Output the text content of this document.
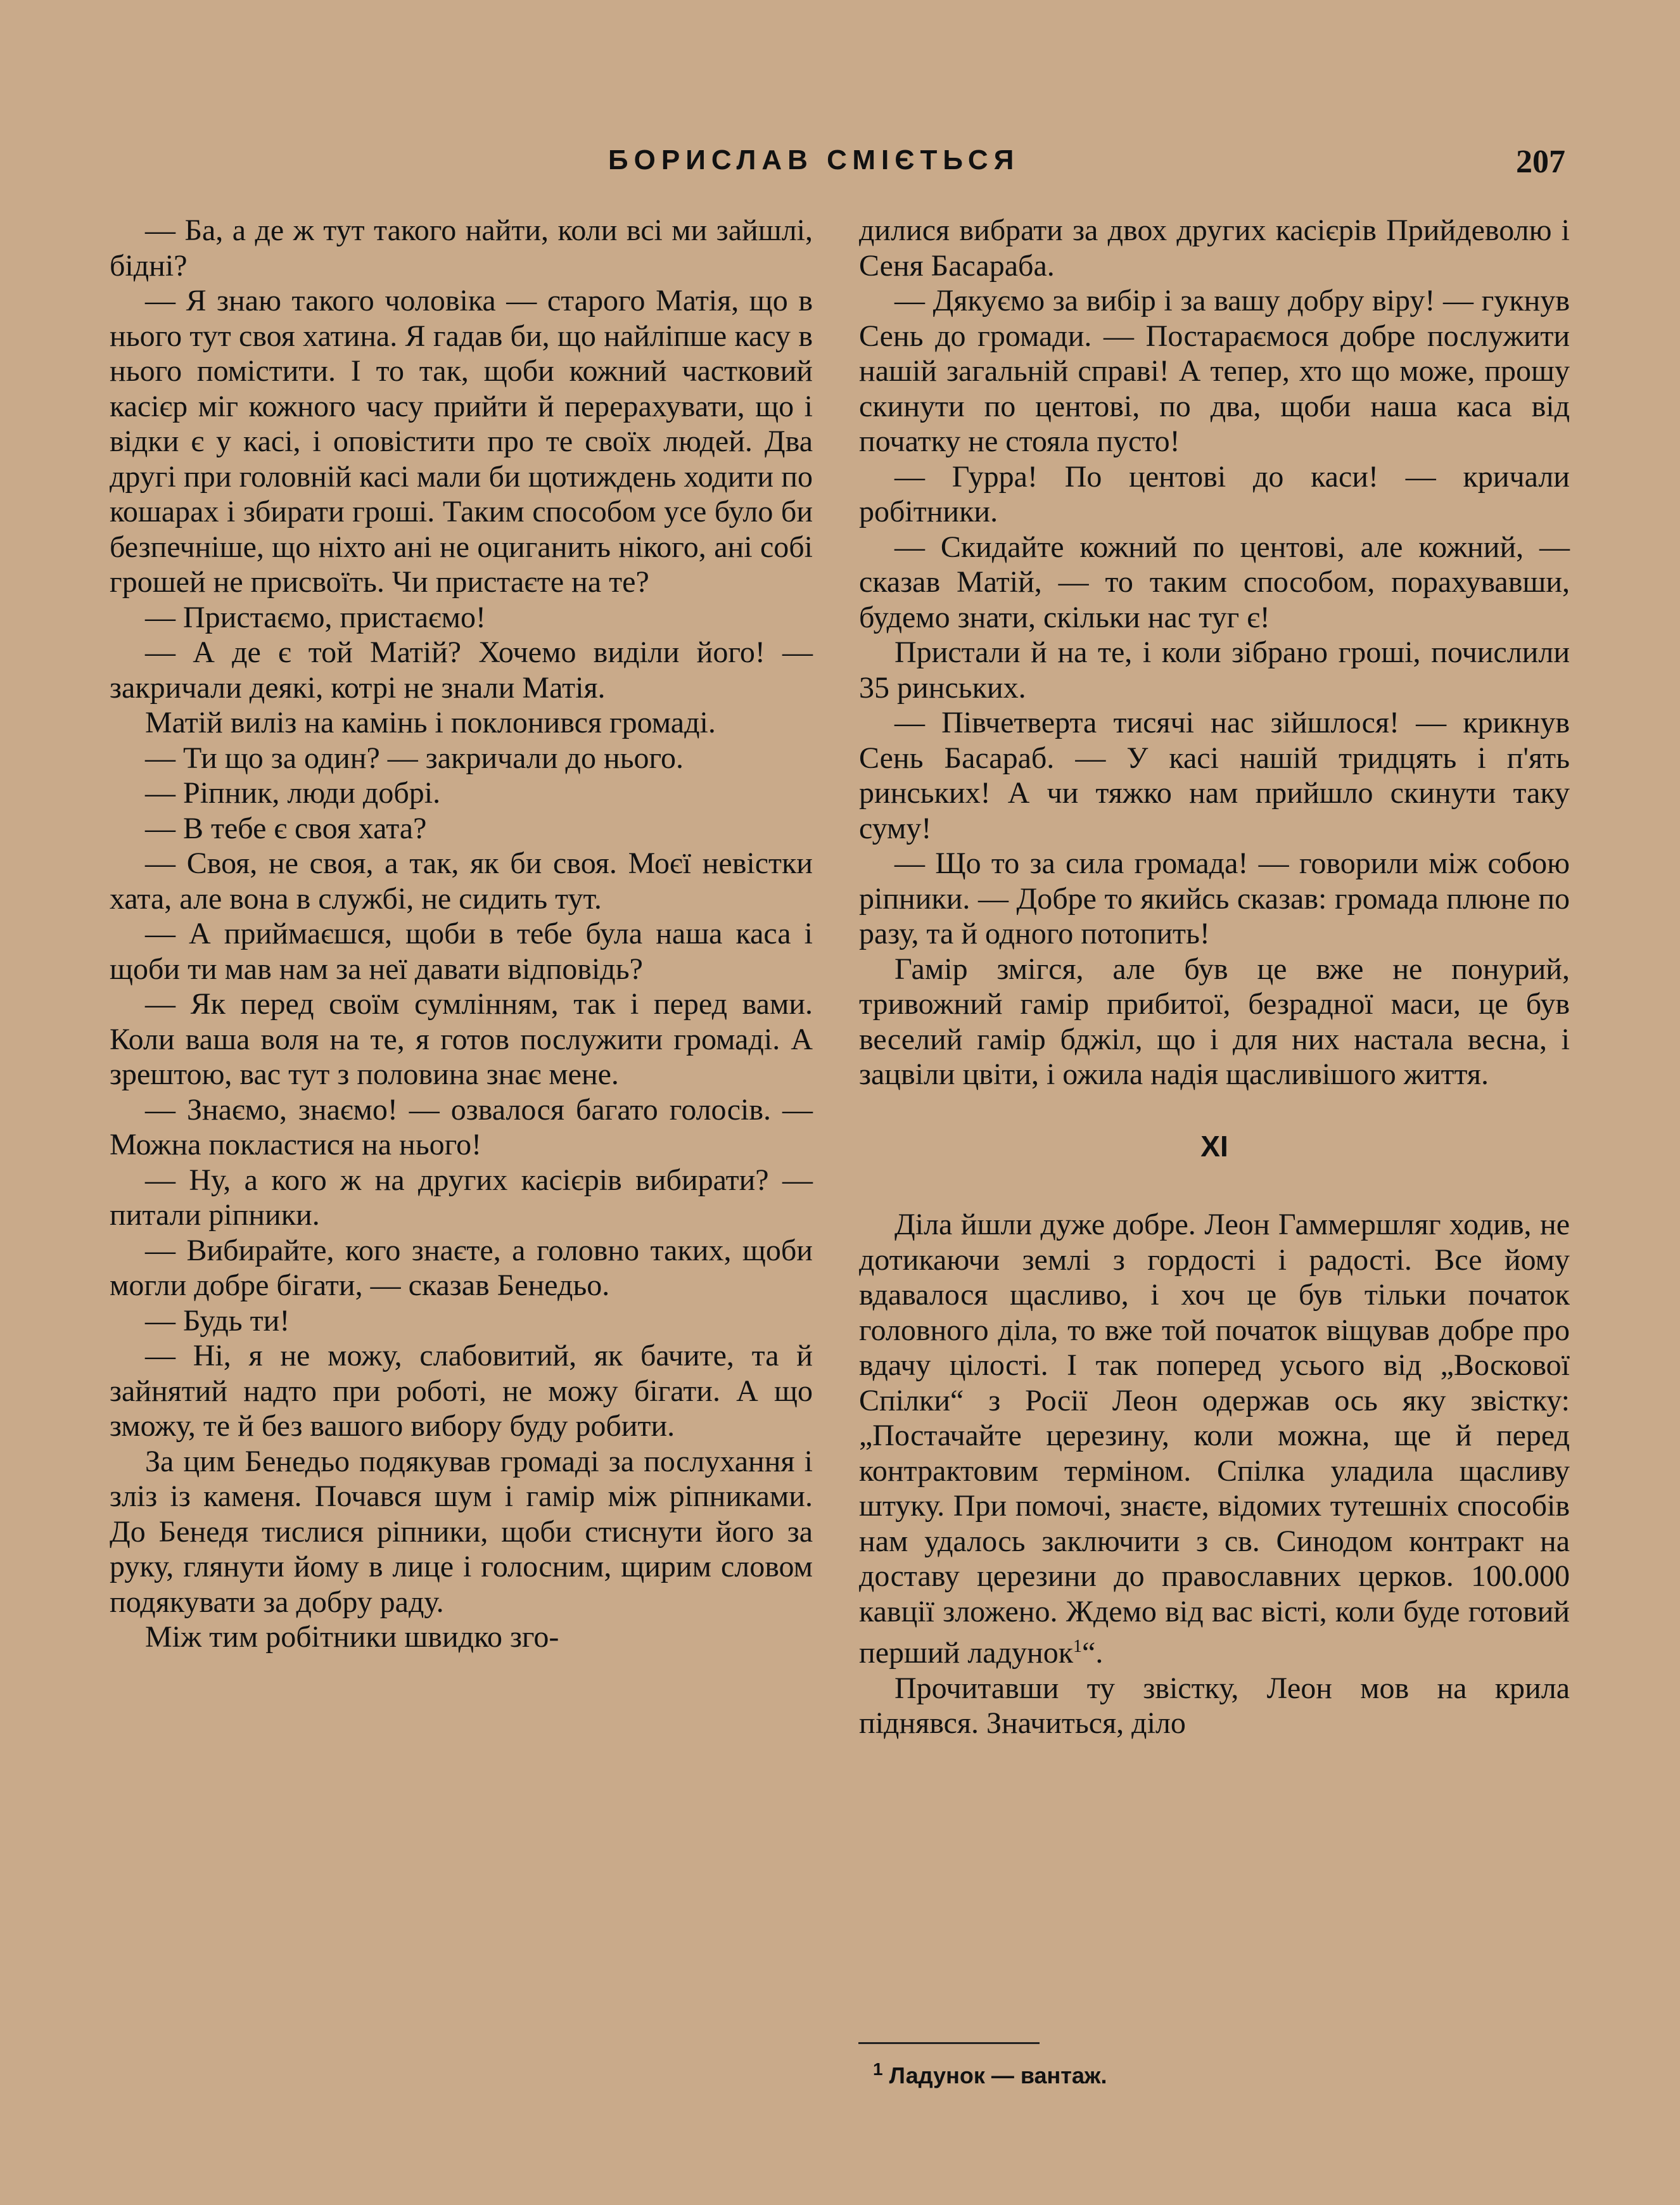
БОРИСЛАВ СМІЄТЬСЯ	207

— Ба, а де ж тут такого найти, коли всі ми зайшлі, бідні?

— Я знаю такого чоловіка — старого Матія, що в нього тут своя хатина. Я гадав би, що найліпше касу в нього помістити. І то так, щоби кожний частковий касієр міг кожного часу прийти й перерахувати, що і відки є у касі, і оповістити про те своїх людей. Два другі при головній касі мали би щотиждень ходити по кошарах і збирати гроші. Таким способом усе було би безпечніше, що ніхто ані не оциганить нікого, ані собі грошей не присвоїть. Чи пристаєте на те?

— Пристаємо, пристаємо!

— А де є той Матій? Хочемо виділи його! — закричали деякі, котрі не знали Матія.

Матій виліз на камінь і поклонився громаді.

— Ти що за один? — закричали до нього.

— Ріпник, люди добрі.

— В тебе є своя хата?

— Своя, не своя, а так, як би своя. Моєї невістки хата, але вона в службі, не сидить тут.

— А приймаєшся, щоби в тебе була наша каса і щоби ти мав нам за неї давати відповідь?

— Як перед своїм сумлінням, так і перед вами. Коли ваша воля на те, я готов послужити громаді. А зрештою, вас тут з половина знає мене.

— Знаємо, знаємо! — озвалося багато голосів. — Можна покластися на нього!

— Ну, а кого ж на других касієрів вибирати? — питали ріпники.

— Вибирайте, кого знаєте, а головно таких, щоби могли добре бігати, — сказав Бенедьо.

— Будь ти!

— Ні, я не можу, слабовитий, як бачите, та й зайнятий надто при роботі, не можу бігати. А що зможу, те й без вашого вибору буду робити.

За цим Бенедьо подякував громаді за послухання і зліз із каменя. Почався шум і гамір між ріпниками. До Бенедя тислися ріпники, щоби стиснути його за руку, глянути йому в лице і голосним, щирим словом подякувати за добру раду.

Між тим робітники швидко зго-

дилися вибрати за двох других касієрів Прийдеволю і Сеня Басараба.

— Дякуємо за вибір і за вашу добру віру! — гукнув Сень до громади. — Постараємося добре послужити нашій загальній справі! А тепер, хто що може, прошу скинути по центові, по два, щоби наша каса від початку не стояла пусто!

— Гурра! По центові до каси! — кричали робітники.

— Скидайте кожний по центові, але кожний, — сказав Матій, — то таким способом, порахувавши, будемо знати, скільки нас туг є!

Пристали й на те, і коли зібрано гроші, почислили 35 ринських.

— Півчетверта тисячі нас зійшлося! — крикнув Сень Басараб. — У касі нашій тридцять і п'ять ринських! А чи тяжко нам прийшло скинути таку суму!

— Що то за сила громада! — говорили між собою ріпники. — Добре то якийсь сказав: громада плюне по разу, та й одного потопить!

Гамір змігся, але був це вже не понурий, тривожний гамір прибитої, безрадної маси, це був веселий гамір бджіл, що і для них настала весна, і зацвіли цвіти, і ожила надія щасливішого життя.

XI

Діла йшли дуже добре. Леон Гаммершляг ходив, не дотикаючи землі з гордості і радості. Все йому вдавалося щасливо, і хоч це був тільки початок головного діла, то вже той початок віщував добре про вдачу цілості. І так поперед усього від „Воскової Спілки“ з Росії Леон одержав ось яку звістку: „Постачайте церезину, коли можна, ще й перед контрактовим терміном. Спілка уладила щасливу штуку. При помочі, знаєте, відомих тутешніх способів нам удалось заключити з св. Синодом контракт на доставу церезини до православних церков. 100.000 кавції зложено. Ждемо від вас вісті, коли буде готовий перший ладунок$^1$“.

Прочитавши ту звістку, Леон мов на крила піднявся. Значиться, діло

$^1$ Ладунок — вантаж.
